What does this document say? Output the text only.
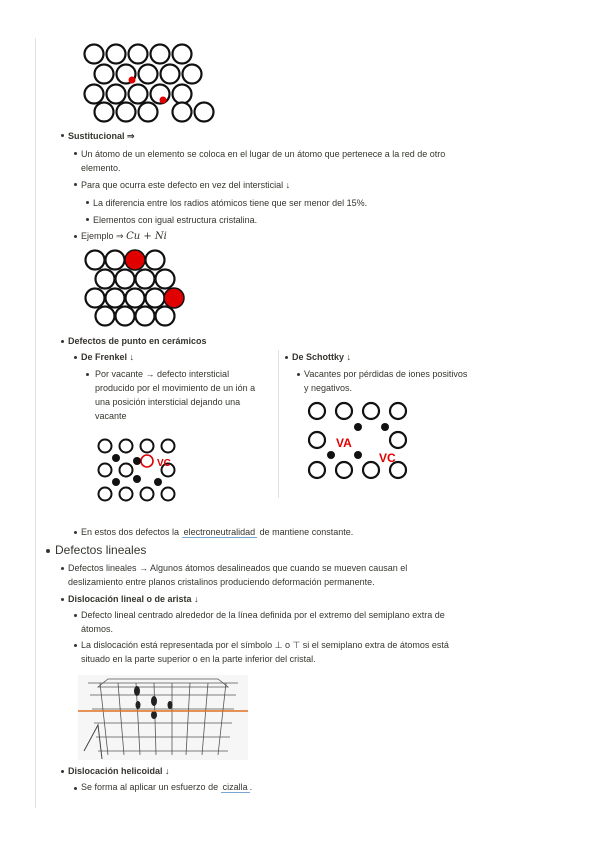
Sustitucional ⇒

Un átomo de un elemento se coloca en el lugar de un átomo que pertenece a la red de otro elemento.

Para que ocurra este defecto en vez del intersticial ↓

La diferencia entre los radios atómicos tiene que ser menor del 15%.

Elementos con igual estructura cristalina.

Ejemplo ⇒ Cu + Ni

Defectos de punto en cerámicos

De Frenkel ↓

Por vacante → defecto intersticial producido por el movimiento de un ión a una posición intersticial dejando una vacante

VC

De Schottky ↓

Vacantes por pérdidas de iones positivos y negativos.

VA
VC

En estos dos defectos la electroneutralidad de mantiene constante.

Defectos lineales

Defectos lineales → Algunos átomos desalineados que cuando se mueven causan el deslizamiento entre planos cristalinos produciendo deformación permanente.

Dislocación lineal o de arista ↓

Defecto lineal centrado alrededor de la línea definida por el extremo del semiplano extra de átomos.

La dislocación está representada por el símbolo ⊥ o ⊤ si el semiplano extra de átomos está situado en la parte superior o en la parte inferior del cristal.

Dislocación helicoidal ↓

Se forma al aplicar un esfuerzo de cizalla .
